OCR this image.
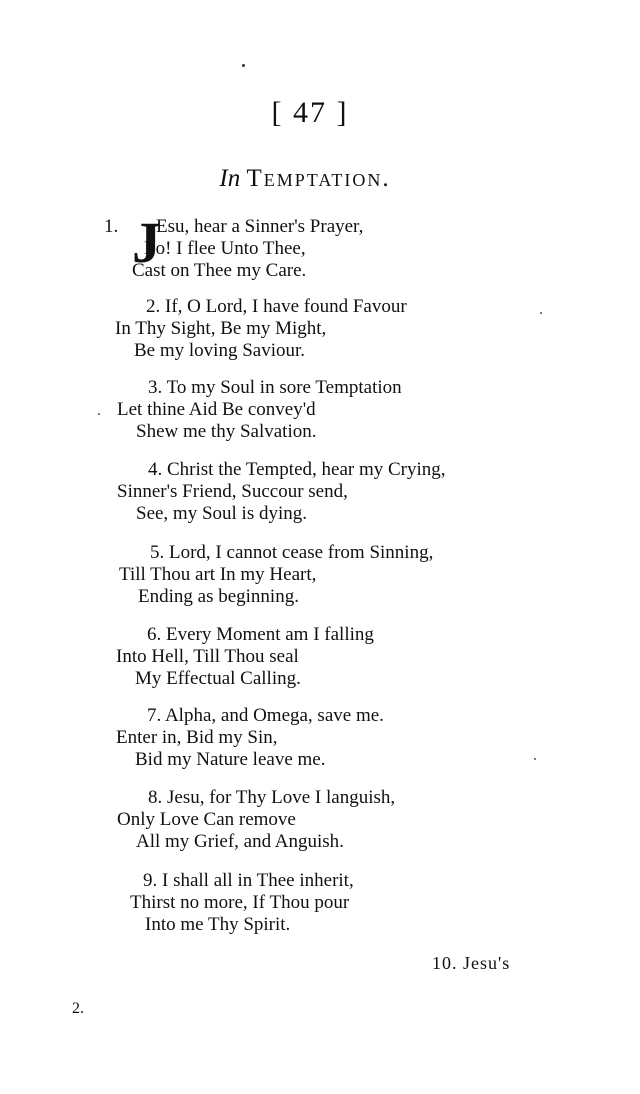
[ 47 ]
In Temptation.
1. J
Esu, hear a Sinner's Prayer,
Lo! I flee Unto Thee,
Cast on Thee my Care.
2. If, O Lord, I have found Favour
In Thy Sight, Be my Might,
Be my loving Saviour.
3. To my Soul in sore Temptation
Let thine Aid Be convey'd
Shew me thy Salvation.
4. Christ the Tempted, hear my Crying,
Sinner's Friend, Succour send,
See, my Soul is dying.
5. Lord, I cannot cease from Sinning,
Till Thou art In my Heart,
Ending as beginning.
6. Every Moment am I falling
Into Hell, Till Thou seal
My Effectual Calling.
7. Alpha, and Omega, save me.
Enter in, Bid my Sin,
Bid my Nature leave me.
8. Jesu, for Thy Love I languish,
Only Love Can remove
All my Grief, and Anguish.
9. I shall all in Thee inherit,
Thirst no more, If Thou pour
Into me Thy Spirit.
10. Jesu's
2.
